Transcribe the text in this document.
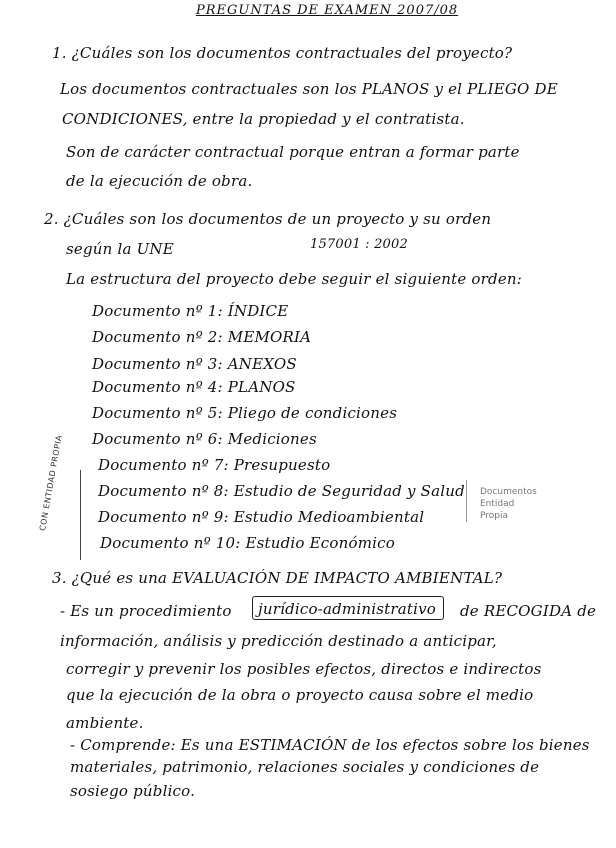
PREGUNTAS DE EXAMEN 2007/08
1. ¿Cuáles son los documentos contractuales del proyecto?
Los documentos contractuales son los PLANOS y el PLIEGO DE
CONDICIONES, entre la propiedad y el contratista.
Son de carácter contractual porque entran a formar parte
de la ejecución de obra.
2. ¿Cuáles son los documentos de un proyecto y su orden
según la UNE	157001 : 2002
La estructura del proyecto debe seguir el siguiente orden:
Documento nº 1: ÍNDICE
Documento nº 2: MEMORIA
Documento nº 3: ANEXOS
Documento nº 4: PLANOS
Documento nº 5: Pliego de condiciones
Documento nº 6: Mediciones
Documento nº 7: Presupuesto
Documento nº 8: Estudio de Seguridad y Salud
Documento nº 9: Estudio Medioambiental
Documento nº 10: Estudio Económico
CON ENTIDAD PROPIA	Documentos
Entidad
Propia
3. ¿Qué es una EVALUACIÓN DE IMPACTO AMBIENTAL?
- Es un procedimiento jurídico-administrativo de RECOGIDA de
información, análisis y predicción destinado a anticipar,
corregir y prevenir los posibles efectos, directos e indirectos
que la ejecución de la obra o proyecto causa sobre el medio
ambiente.
- Comprende: Es una ESTIMACIÓN de los efectos sobre los bienes
materiales, patrimonio, relaciones sociales y condiciones de
sosiego público.
